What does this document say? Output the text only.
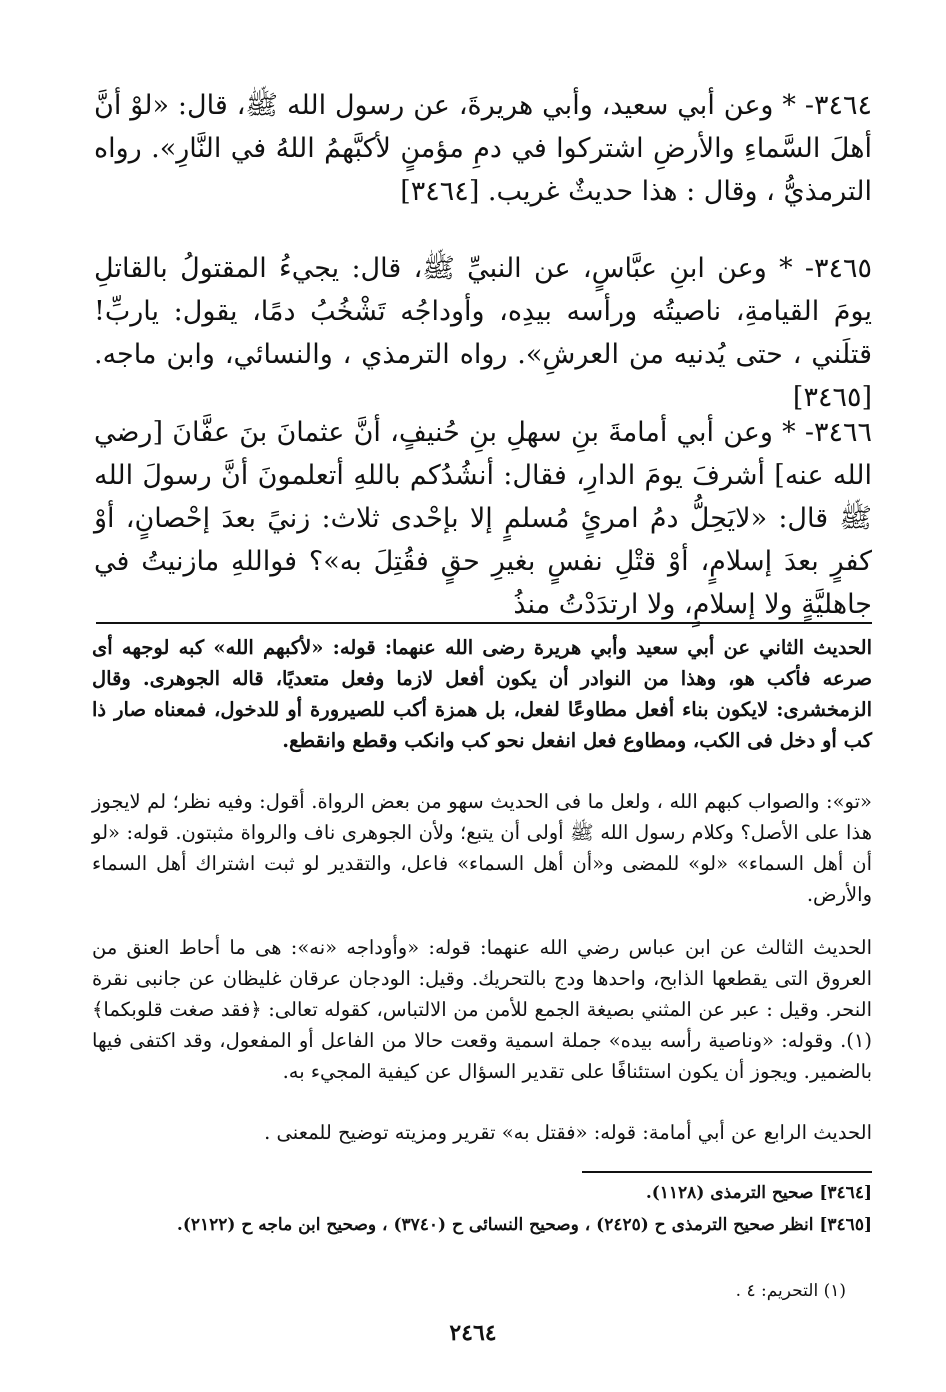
٣٤٦٤- * وعن أبي سعيد، وأبي هريرةَ، عن رسول الله ﷺ، قال: «لوْ أنَّ أهلَ السَّماءِ والأرضِ اشتركوا في دمِ مؤمنٍ لأكبَّهمُ اللهُ في النَّارِ». رواه الترمذيُّ ، وقال : هذا حديثٌ غريب. [٣٤٦٤]

٣٤٦٥- * وعن ابنِ عبَّاسٍ، عن النبيِّ ﷺ، قال: يجيءُ المقتولُ بالقاتلِ يومَ القيامةِ، ناصيتُه ورأسه بيدِه، وأوداجُه تَشْخُبُ دمًا، يقول: ياربِّ! قتلَني ، حتى يُدنيه من العرشِ». رواه الترمذي ، والنسائي، وابن ماجه. [٣٤٦٥]

٣٤٦٦- * وعن أبي أمامةَ بنِ سهلِ بنِ حُنيفٍ، أنَّ عثمانَ بنَ عفَّانَ [رضي الله عنه] أشرفَ يومَ الدارِ، فقال: أنشُدُكم باللهِ أتعلمونَ أنَّ رسولَ الله ﷺ قال: «لايَحِلُّ دمُ امرئٍ مُسلمٍ إلا بإحْدى ثلاث: زنيً بعدَ إحْصانٍ، أوْ كفرٍ بعدَ إسلامٍ، أوْ قتْلِ نفسٍ بغيرِ حقٍ فقُتِلَ به»؟ فواللهِ مازنيتُ في جاهليَّةٍ ولا إسلامٍ، ولا ارتدَدْتُ منذُ

الحديث الثاني عن أبي سعيد وأبي هريرة رضى الله عنهما: قوله: «لأكبهم الله» كبه لوجهه أى صرعه فأكب هو، وهذا من النوادر أن يكون أفعل لازما وفعل متعديًا، قاله الجوهرى. وقال الزمخشرى: لايكون بناء أفعل مطاوعًا لفعل، بل همزة أكب للصيرورة أو للدخول، فمعناه صار ذا كب أو دخل فى الكب، ومطاوع فعل انفعل نحو كب وانكب وقطع وانقطع.

«تو»: والصواب كبهم الله ، ولعل ما فى الحديث سهو من بعض الرواة. أقول: وفيه نظر؛ لم لايجوز هذا على الأصل؟ وكلام رسول الله ﷺ أولى أن يتبع؛ ولأن الجوهرى ناف والرواة مثبتون. قوله: «لو أن أهل السماء» «لو» للمضى و«أن أهل السماء» فاعل، والتقدير لو ثبت اشتراك أهل السماء والأرض.

الحديث الثالث عن ابن عباس رضي الله عنهما: قوله: «وأوداجه «نه»: هى ما أحاط العنق من العروق التى يقطعها الذابح، واحدها ودج بالتحريك. وقيل: الودجان عرقان غليظان عن جانبى نقرة النحر. وقيل : عبر عن المثني بصيغة الجمع للأمن من الالتباس، كقوله تعالى: ﴿فقد صغت قلوبكما﴾ (١). وقوله: «وناصية رأسه بيده» جملة اسمية وقعت حالا من الفاعل أو المفعول، وقد اكتفى فيها بالضمير. ويجوز أن يكون استئنافًا على تقدير السؤال عن كيفية المجيء به.

الحديث الرابع عن أبي أمامة: قوله: «فقتل به» تقرير ومزيته توضيح للمعنى .

[٣٤٦٤] صحيح الترمذى (١١٢٨).

[٣٤٦٥] انظر صحيح الترمذى ح (٢٤٢٥) ، وصحيح النسائى ح (٣٧٤٠) ، وصحيح ابن ماجه ح (٢١٢٢).

(١) التحريم: ٤ .
٢٤٦٤
